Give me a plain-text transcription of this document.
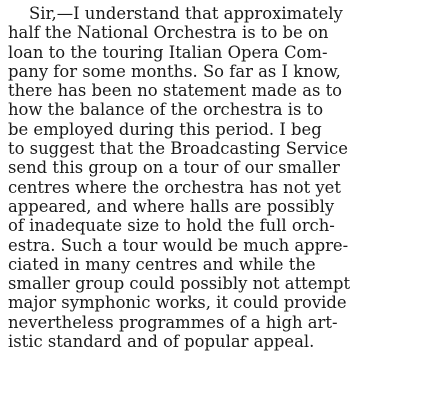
Sir,—I understand that approximately
half the National Orchestra is to be on
loan to the touring Italian Opera Com-
pany for some months. So far as I know,
there has been no statement made as to
how the balance of the orchestra is to
be employed during this period. I beg
to suggest that the Broadcasting Service
send this group on a tour of our smaller
centres where the orchestra has not yet
appeared, and where halls are possibly
of inadequate size to hold the full orch-
estra. Such a tour would be much appre-
ciated in many centres and while the
smaller group could possibly not attempt
major symphonic works, it could provide
nevertheless programmes of a high art-
istic standard and of popular appeal.
